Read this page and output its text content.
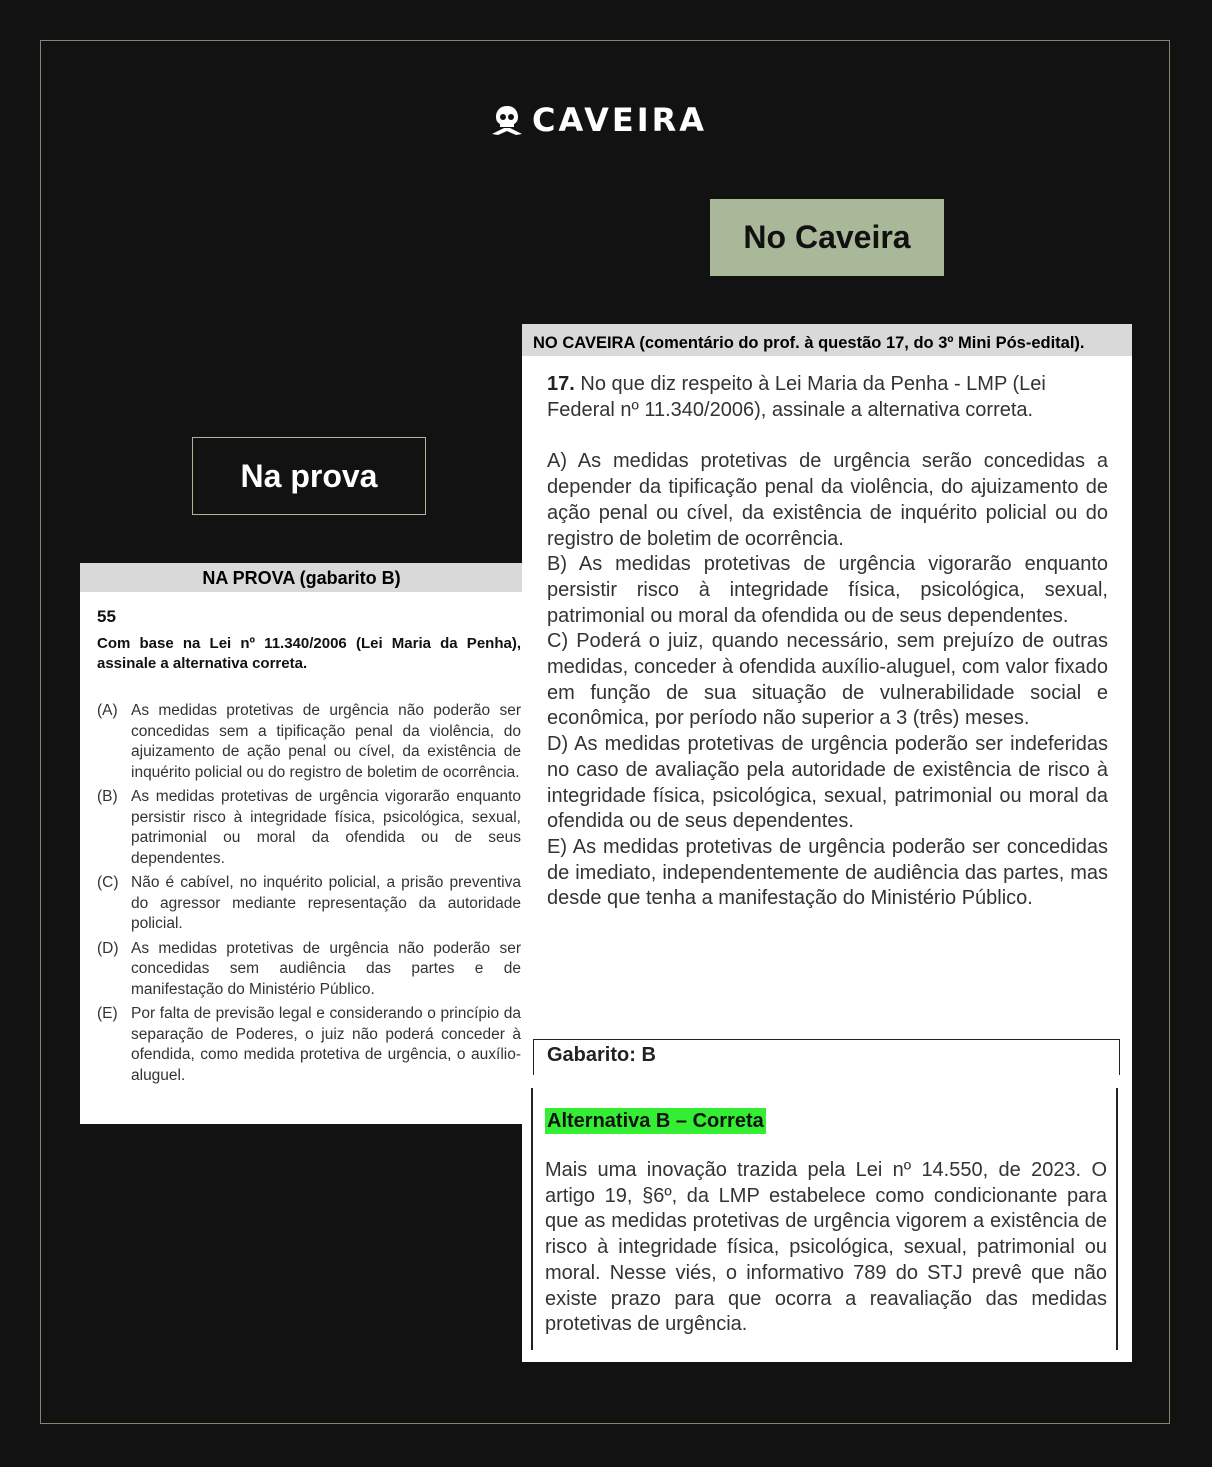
CAVEIRA
No Caveira
Na prova
NA PROVA (gabarito B)
55
Com base na Lei nº 11.340/2006 (Lei Maria da Penha), assinale a alternativa correta.
(A) As medidas protetivas de urgência não poderão ser concedidas sem a tipificação penal da violência, do ajuizamento de ação penal ou cível, da existência de inquérito policial ou do registro de boletim de ocorrência.
(B) As medidas protetivas de urgência vigorarão enquanto persistir risco à integridade física, psicológica, sexual, patrimonial ou moral da ofendida ou de seus dependentes.
(C) Não é cabível, no inquérito policial, a prisão preventiva do agressor mediante representação da autoridade policial.
(D) As medidas protetivas de urgência não poderão ser concedidas sem audiência das partes e de manifestação do Ministério Público.
(E) Por falta de previsão legal e considerando o princípio da separação de Poderes, o juiz não poderá conceder à ofendida, como medida protetiva de urgência, o auxílio-aluguel.
NO CAVEIRA (comentário do prof. à questão 17, do 3º Mini Pós-edital).
17. No que diz respeito à Lei Maria da Penha - LMP (Lei Federal nº 11.340/2006), assinale a alternativa correta.
A) As medidas protetivas de urgência serão concedidas a depender da tipificação penal da violência, do ajuizamento de ação penal ou cível, da existência de inquérito policial ou do registro de boletim de ocorrência.
B) As medidas protetivas de urgência vigorarão enquanto persistir risco à integridade física, psicológica, sexual, patrimonial ou moral da ofendida ou de seus dependentes.
C) Poderá o juiz, quando necessário, sem prejuízo de outras medidas, conceder à ofendida auxílio-aluguel, com valor fixado em função de sua situação de vulnerabilidade social e econômica, por período não superior a 3 (três) meses.
D) As medidas protetivas de urgência poderão ser indeferidas no caso de avaliação pela autoridade de existência de risco à integridade física, psicológica, sexual, patrimonial ou moral da ofendida ou de seus dependentes.
E) As medidas protetivas de urgência poderão ser concedidas de imediato, independentemente de audiência das partes, mas desde que tenha a manifestação do Ministério Público.
Gabarito: B
Alternativa B – Correta
Mais uma inovação trazida pela Lei nº 14.550, de 2023. O artigo 19, §6º, da LMP estabelece como condicionante para que as medidas protetivas de urgência vigorem a existência de risco à integridade física, psicológica, sexual, patrimonial ou moral. Nesse viés, o informativo 789 do STJ prevê que não existe prazo para que ocorra a reavaliação das medidas protetivas de urgência.
